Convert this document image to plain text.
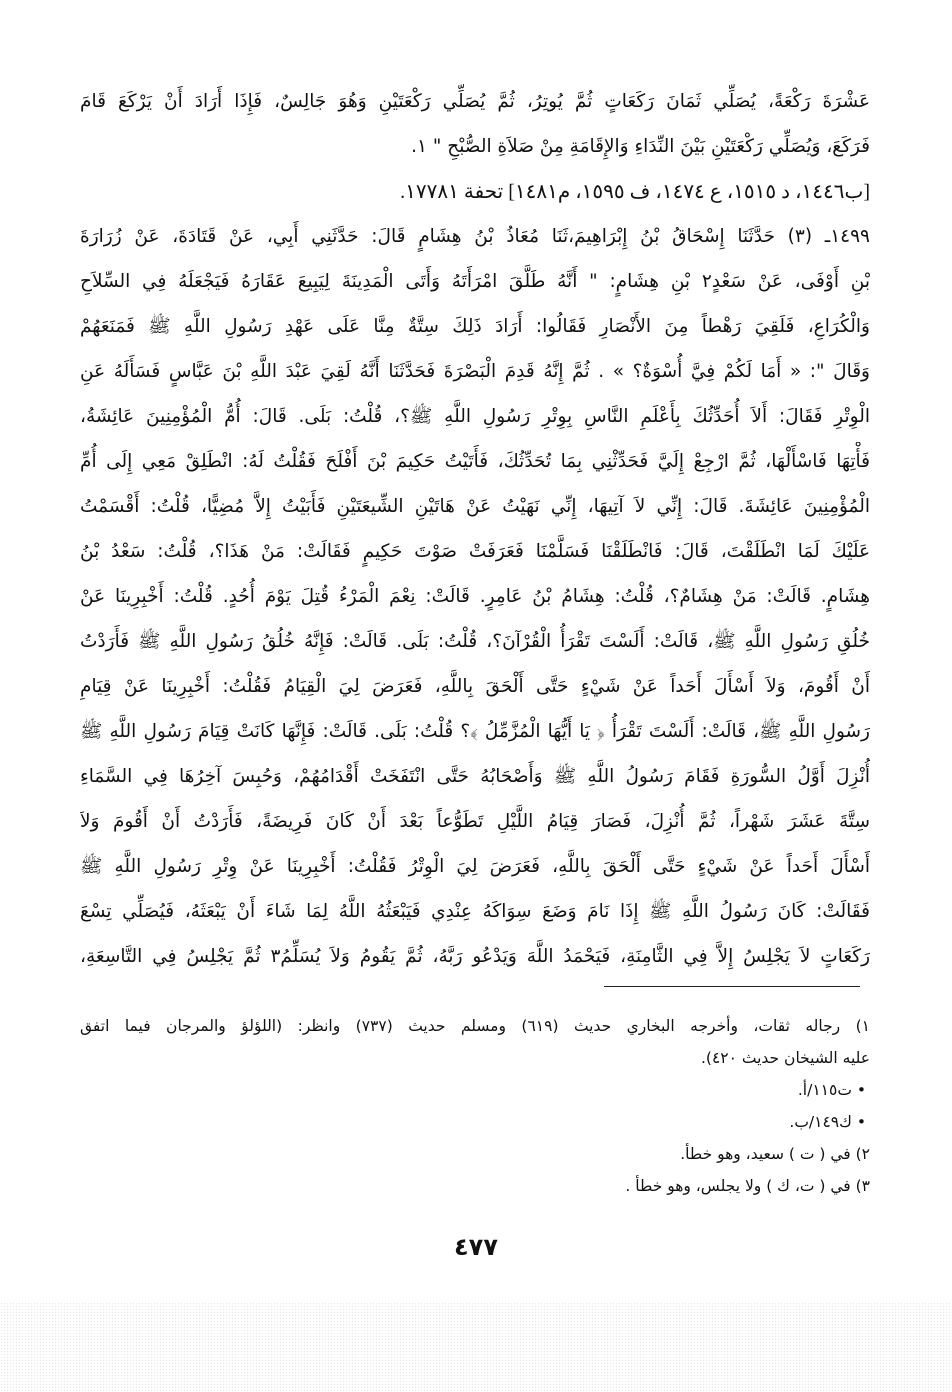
عَشْرَةَ رَكْعَةً، يُصَلِّي ثَمَانَ رَكَعَاتٍ ثُمَّ يُوتِرُ، ثُمَّ يُصَلِّي رَكْعَتَيْنِ وَهُوَ جَالِسٌ، فَإِذَا أَرَادَ أَنْ يَرْكَعَ قَامَ
فَرَكَعَ، وَيُصَلِّي رَكْعَتَيْنِ بَيْنَ النِّدَاءِ وَالإِقَامَةِ مِنْ صَلاَةِ الصُّبْحِ " ١.
[ب١٤٤٦، د ١٥١٥، ع ١٤٧٤، ف ١٥٩٥، م١٤٨١] تحفة ١٧٧٨١.
١٤٩٩ـ (٣) حَدَّثَنَا إِسْحَاقُ بْنُ إِبْرَاهِيمَ،ثَنَا مُعَاذُ بْنُ هِشَامٍ قَالَ: حَدَّثَنِي أَبِي، عَنْ قَتَادَةَ، عَنْ زُرَارَةَ
بْنِ أَوْفَى، عَنْ سَعْدٍ٢ بْنِ هِشَامٍ: " أَنَّهُ طَلَّقَ امْرَأَتَهُ وَأَتَى الْمَدِينَةَ لِيَبِيعَ عَقَارَهُ فَيَجْعَلَهُ فِي السِّلاَحِ
وَالْكُرَاعِ، فَلَقِيَ رَهْطاً مِنَ الأَنْصَارِ فَقَالُوا: أَرَادَ ذَلِكَ سِتَّةٌ مِنَّا عَلَى عَهْدِ رَسُولِ اللَّهِ ﷺ فَمَنَعَهُمْ
وَقَالَ ": « أَمَا لَكُمْ فِيَّ أُسْوَةٌ؟ » . ثُمَّ إِنَّهُ قَدِمَ الْبَصْرَةَ فَحَدَّثَنَا أَنَّهُ لَقِيَ عَبْدَ اللَّهِ بْنَ عَبَّاسٍ فَسَأَلَهُ عَنِ
الْوِتْرِ فَقَالَ: أَلاَ أُحَدِّثُكَ بِأَعْلَمِ النَّاسِ بِوِتْرِ رَسُولِ اللَّهِ ﷺ؟، قُلْتُ: بَلَى. قَالَ: أُمُّ الْمُؤْمِنِينَ عَائِشَةُ،
فَأْتِهَا فَاسْأَلْهَا، ثُمَّ ارْجِعْ إِلَيَّ فَحَدِّثْنِي بِمَا تُحَدِّثُكَ، فَأَتَيْتُ حَكِيمَ بْنَ أَفْلَحَ فَقُلْتُ لَهُ: انْطَلِقْ مَعِي إِلَى أُمِّ
الْمُؤْمِنِينَ عَائِشَةَ. قَالَ: إِنِّي لاَ آتِيهَا، إِنِّي نَهَيْتُ عَنْ هَاتَيْنِ الشِّيعَتَيْنِ فَأَبَيْتُ إِلاَّ مُضِيًّا، قُلْتُ: أَقْسَمْتُ
عَلَيْكَ لَمَا انْطَلَقْتَ، قَالَ: فَانْطَلَقْنَا فَسَلَّمْنَا فَعَرَفَتْ صَوْتَ حَكِيمٍ فَقَالَتْ: مَنْ هَذَا؟، قُلْتُ: سَعْدُ بْنُ
هِشَامٍ. قَالَتْ: مَنْ هِشَامٌ؟، قُلْتُ: هِشَامُ بْنُ عَامِرٍ. قَالَتْ: نِعْمَ الْمَرْءُ قُتِلَ يَوْمَ أُحُدٍ. قُلْتُ: أَخْبِرِينَا عَنْ
خُلُقِ رَسُولِ اللَّهِ ﷺ، قَالَتْ: أَلَسْتَ تَقْرَأُ الْقُرْآنَ؟، قُلْتُ: بَلَى. قَالَتْ: فَإِنَّهُ خُلُقُ رَسُولِ اللَّهِ ﷺ فَأَرَدْتُ
أَنْ أَقُومَ، وَلاَ أَسْأَلَ أَحَداً عَنْ شَيْءٍ حَتَّى أَلْحَقَ بِاللَّهِ، فَعَرَضَ لِيَ الْقِيَامُ فَقُلْتُ: أَخْبِرِينَا عَنْ قِيَامِ
رَسُولِ اللَّهِ ﷺ، قَالَتْ: أَلَسْتَ تَقْرَأُ ﴿ يَا أَيُّهَا الْمُزَّمِّلُ ﴾؟ قُلْتُ: بَلَى. قَالَتْ: فَإِنَّهَا كَانَتْ قِيَامَ رَسُولِ اللَّهِ ﷺ
أُنْزِلَ أَوَّلُ السُّورَةِ فَقَامَ رَسُولُ اللَّهِ ﷺ وَأَصْحَابُهُ حَتَّى انْتَفَخَتْ أَقْدَامُهُمْ، وَحُبِسَ آخِرُهَا فِي السَّمَاءِ
سِتَّةَ عَشَرَ شَهْراً، ثُمَّ أُنْزِلَ، فَصَارَ قِيَامُ اللَّيْلِ تَطَوُّعاً بَعْدَ أَنْ كَانَ فَرِيضَةً، فَأَرَدْتُ أَنْ أَقُومَ وَلاَ
أَسْأَلَ أَحَداً عَنْ شَيْءٍ حَتَّى أَلْحَقَ بِاللَّهِ، فَعَرَضَ لِيَ الْوِتْرُ فَقُلْتُ: أَخْبِرِينَا عَنْ وِتْرِ رَسُولِ اللَّهِ ﷺ
فَقَالَتْ: كَانَ رَسُولُ اللَّهِ ﷺ إِذَا نَامَ وَضَعَ سِوَاكَهُ عِنْدِي فَيَبْعَثُهُ اللَّهُ لِمَا شَاءَ أَنْ يَبْعَثَهُ، فَيُصَلِّي تِسْعَ
رَكَعَاتٍ لاَ يَجْلِسُ إِلاَّ فِي الثَّامِنَةِ، فَيَحْمَدُ اللَّهَ وَيَدْعُو رَبَّهُ، ثُمَّ يَقُومُ وَلاَ يُسَلِّمُ٣ ثُمَّ يَجْلِسُ فِي التَّاسِعَةِ،
١) رجاله ثقات، وأخرجه البخاري حديث (٦١٩) ومسلم حديث (٧٣٧) وانظر: (اللؤلؤ والمرجان فيما اتفق
عليه الشيخان حديث ٤٢٠).
• ت١١٥/أ.
• ك١٤٩/ب.
٢) في ( ت ) سعيد، وهو خطأ.
٣) في ( ت، ك ) ولا يجلس، وهو خطأ .
٤٧٧
